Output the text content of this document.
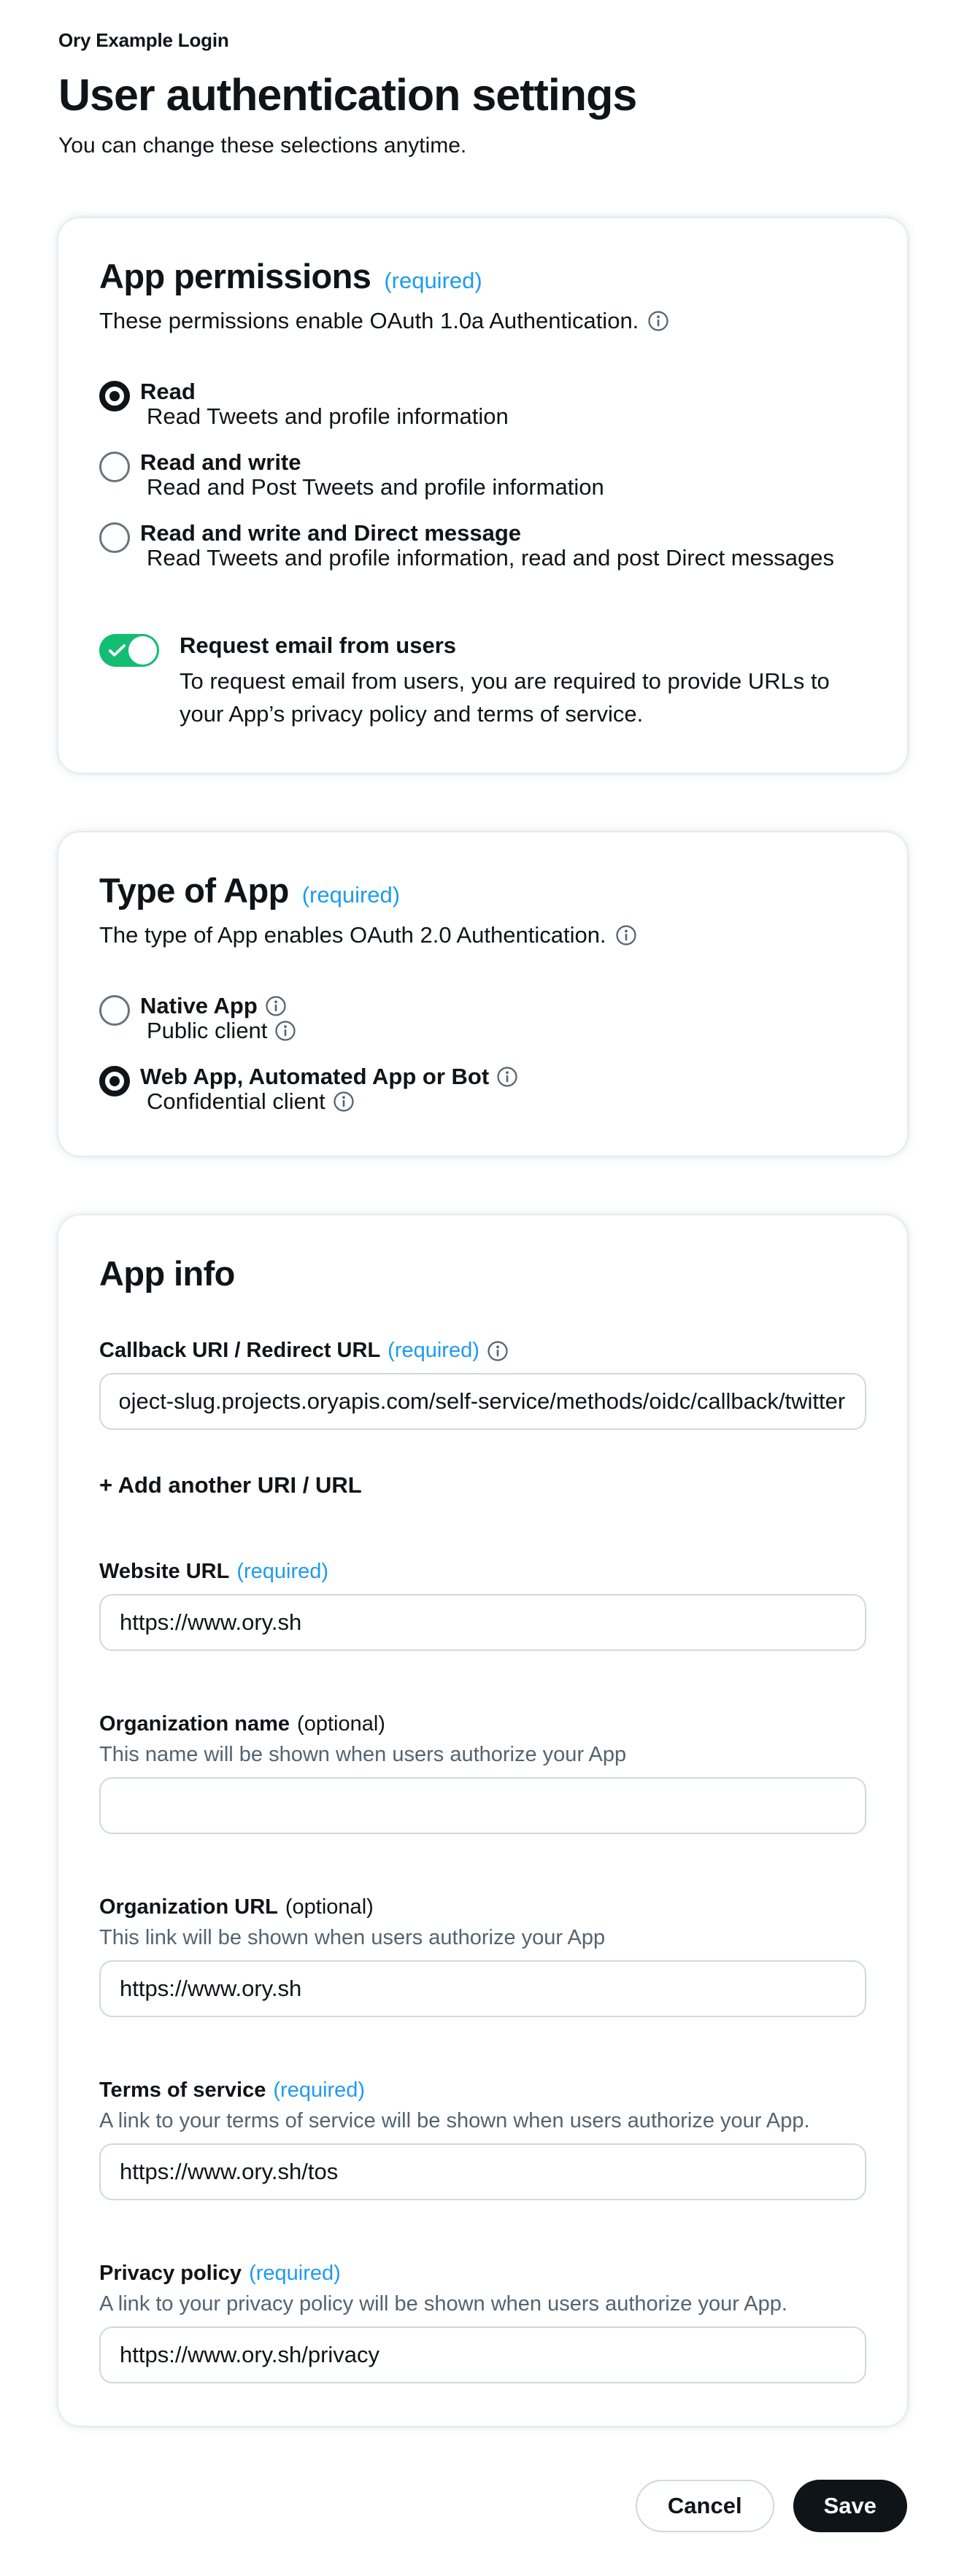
Ory Example Login
User authentication settings

You can change these selections anytime.

App permissions (required)
These permissions enable OAuth 1.0a Authentication.
Read
Read Tweets and profile information
Read and write
Read and Post Tweets and profile information
Read and write and Direct message
Read Tweets and profile information, read and post Direct messages
Request email from users
To request email from users, you are required to provide URLs to your App’s privacy policy and terms of service.
Type of App (required)
The type of App enables OAuth 2.0 Authentication.
Native App
Public client
Web App, Automated App or Bot
Confidential client
App info
Callback URI / Redirect URL (required)
roject-slug.projects.oryapis.com/self-service/methods/oidc/callback/twitter
+ Add another URI / URL
Website URL (required)
https://www.ory.sh
Organization name (optional)
This name will be shown when users authorize your App
Organization URL (optional)
This link will be shown when users authorize your App
https://www.ory.sh
Terms of service (required)
A link to your terms of service will be shown when users authorize your App.
https://www.ory.sh/tos
Privacy policy (required)
A link to your privacy policy will be shown when users authorize your App.
https://www.ory.sh/privacy
Cancel	Save
